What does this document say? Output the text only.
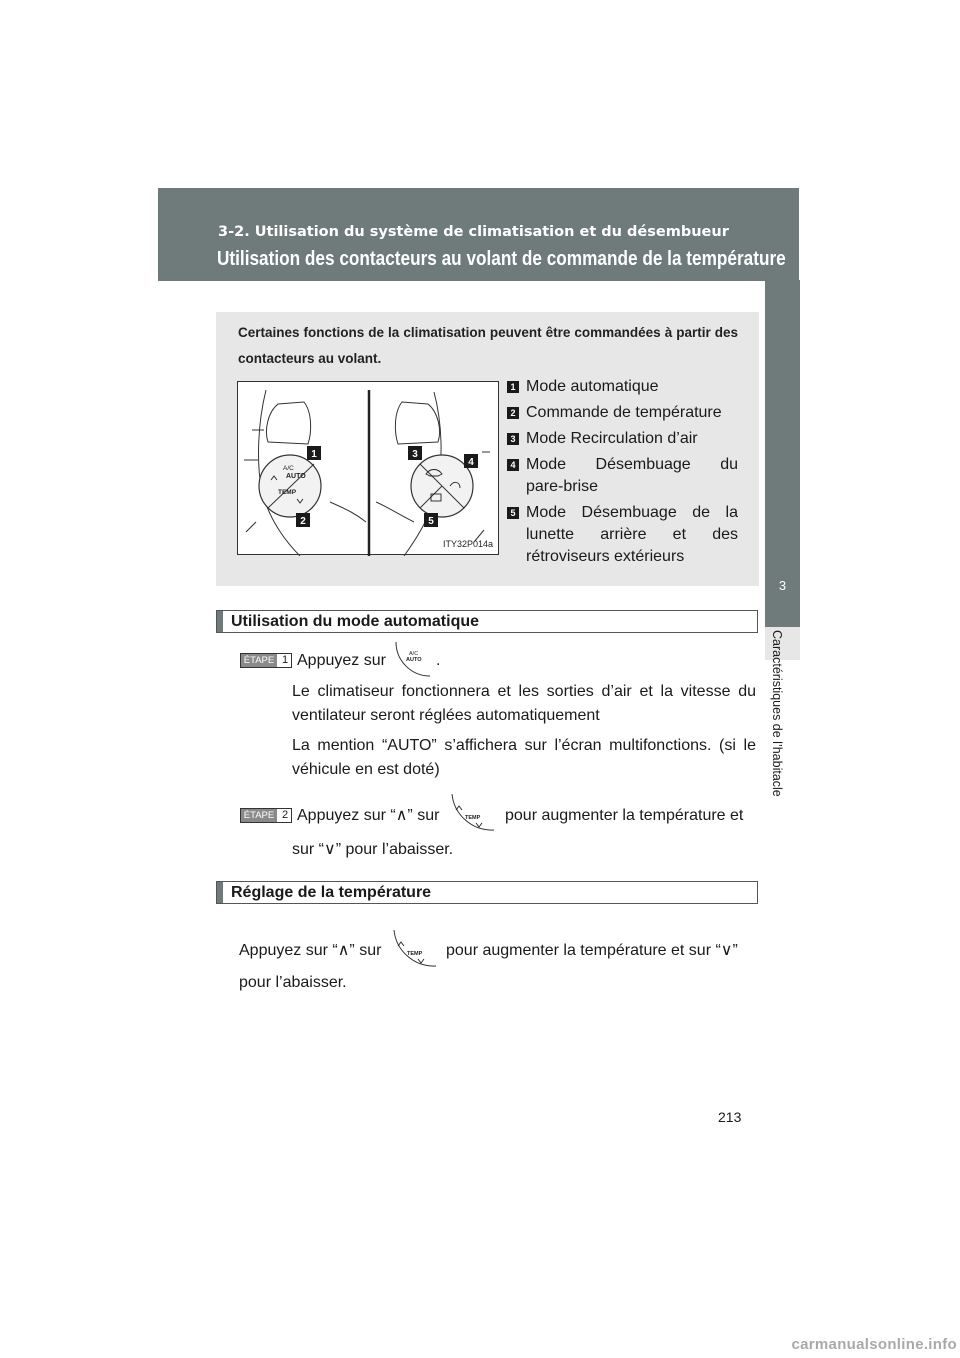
3-2. Utilisation du système de climatisation et du désembueur
Utilisation des contacteurs au volant de commande de la température
3
Caractéristiques de l’habitacle
Certaines fonctions de la climatisation peuvent être commandées à partir des contacteurs au volant.
A/C
AUTO
TEMP
1
2
3
4
5
ITY32P014a
1 Mode automatique
2 Commande de température
3 Mode Recirculation d’air
4 Mode Désembuage du
pare-brise
5 Mode Désembuage de la
lunette arrière et des
rétroviseurs extérieurs
Utilisation du mode automatique
ÉTAPE 1 Appuyez sur	A/C
AUTO .
Le climatiseur fonctionnera et les sorties d’air et la vitesse du ventilateur seront réglées automatiquement
La mention “AUTO” s’affichera sur l’écran multifonctions. (si le véhicule en est doté)
ÉTAPE 2 Appuyez sur “∧” sur	TEMP pour augmenter la température et
sur “∨” pour l’abaisser.
Réglage de la température
Appuyez sur “∧” sur	TEMP pour augmenter la température et sur “∨”
pour l’abaisser.
213
carmanualsonline.info
